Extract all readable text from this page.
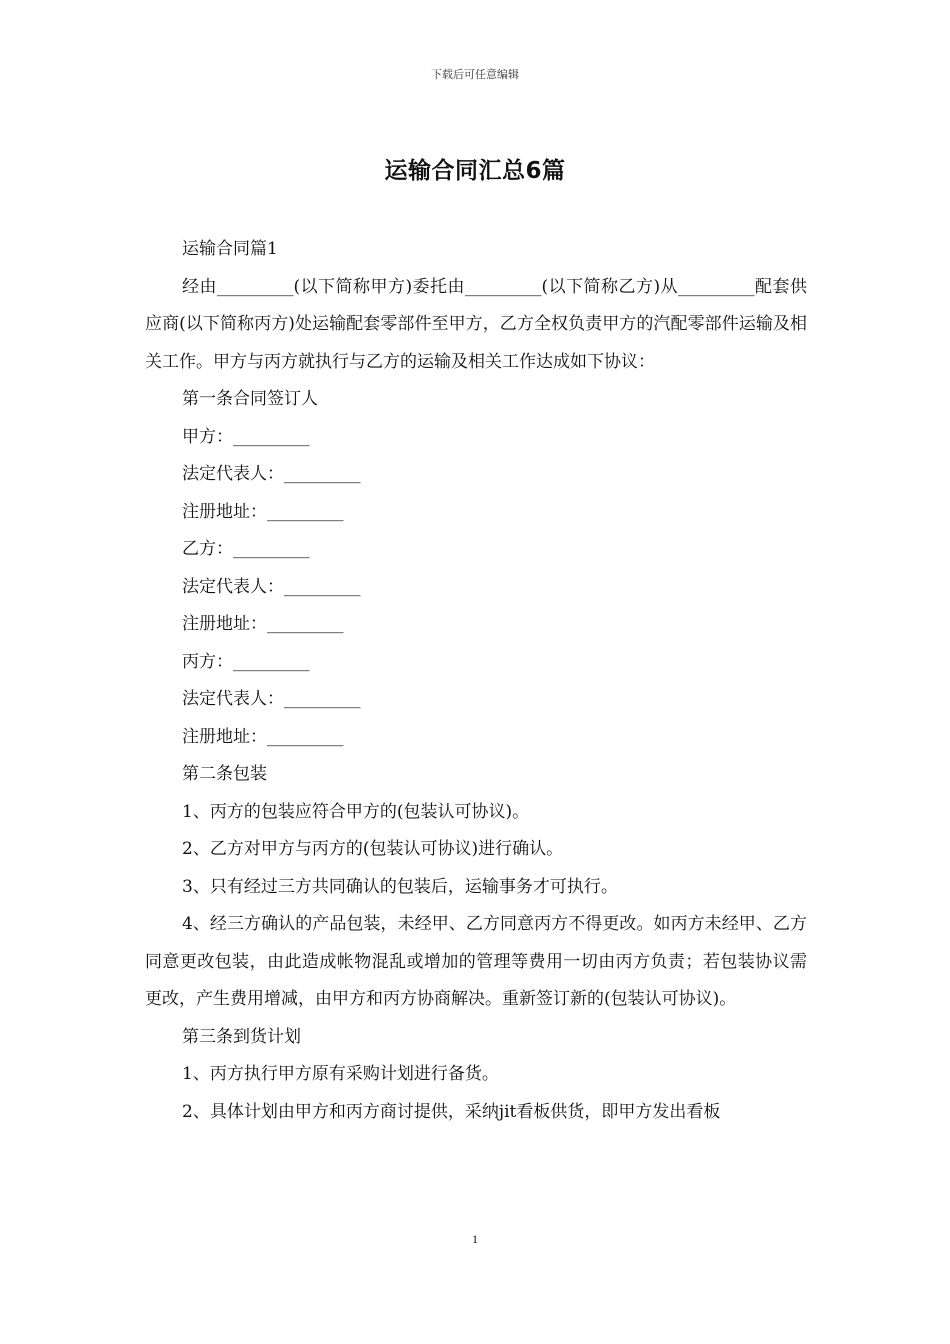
下载后可任意编辑
运输合同汇总6篇

运输合同篇1

经由_________(以下简称甲方)委托由_________(以下简称乙方)从_________配套供应商(以下简称丙方)处运输配套零部件至甲方，乙方全权负责甲方的汽配零部件运输及相关工作。甲方与丙方就执行与乙方的运输及相关工作达成如下协议：

第一条合同签订人

甲方：_________

法定代表人：_________

注册地址：_________

乙方：_________

法定代表人：_________

注册地址：_________

丙方：_________

法定代表人：_________

注册地址：_________

第二条包装

1、丙方的包装应符合甲方的(包装认可协议)。

2、乙方对甲方与丙方的(包装认可协议)进行确认。

3、只有经过三方共同确认的包装后，运输事务才可执行。

4、经三方确认的产品包装，未经甲、乙方同意丙方不得更改。如丙方未经甲、乙方同意更改包装，由此造成帐物混乱或增加的管理等费用一切由丙方负责；若包装协议需更改，产生费用增减，由甲方和丙方协商解决。重新签订新的(包装认可协议)。

第三条到货计划

1、丙方执行甲方原有采购计划进行备货。

2、具体计划由甲方和丙方商讨提供，采纳jit看板供货，即甲方发出看板

1
